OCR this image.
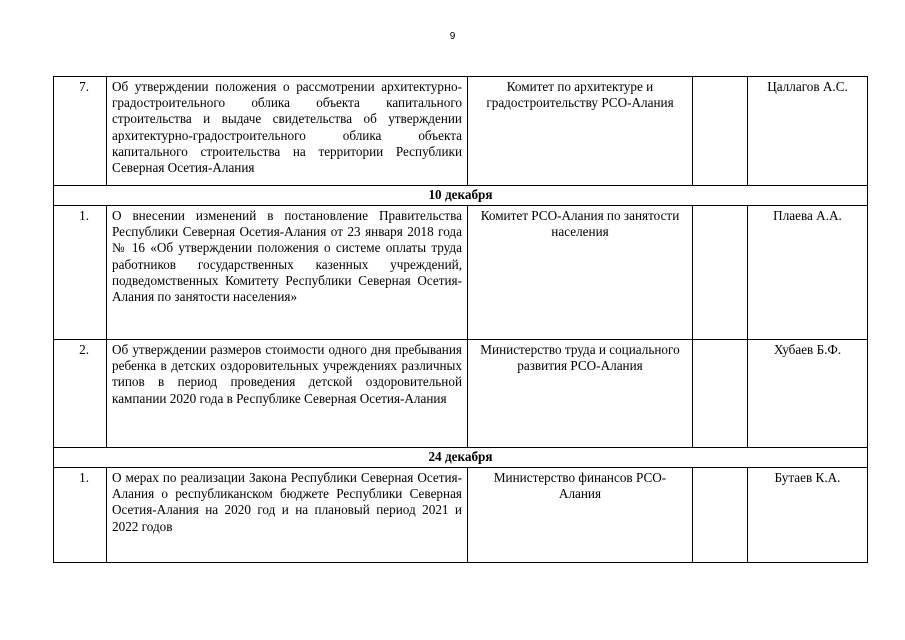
9
7.	Об утверждении положения о рассмотрении архитектурно-градостроительного облика объекта капитального строительства и выдаче свидетельства об утверждении архитектурно-градостроительного облика объекта капитального строительства на территории Республики Северная Осетия-Алания	Комитет по архитектуре и градостроительству РСО-Алания		Цаллагов А.С.
10 декабря				
1.	О внесении изменений в постановление Правительства Республики Северная Осетия-Алания от 23 января 2018 года № 16 «Об утверждении положения о системе оплаты труда работников государственных казенных учреждений, подведомственных Комитету Республики Северная Осетия-Алания по занятости населения»	Комитет РСО-Алания по занятости населения		Плаева А.А.
2.	Об утверждении размеров стоимости одного дня пребывания ребенка в детских оздоровительных учреждениях различных типов в период проведения детской оздоровительной кампании 2020 года в Республике Северная Осетия-Алания	Министерство труда и социального развития РСО-Алания		Хубаев Б.Ф.
24 декабря				
1.	О мерах по реализации Закона Республики Северная Осетия-Алания о республиканском бюджете Республики Северная Осетия-Алания на 2020 год и на плановый период 2021 и 2022 годов	Министерство финансов РСО-Алания		Бутаев К.А.
